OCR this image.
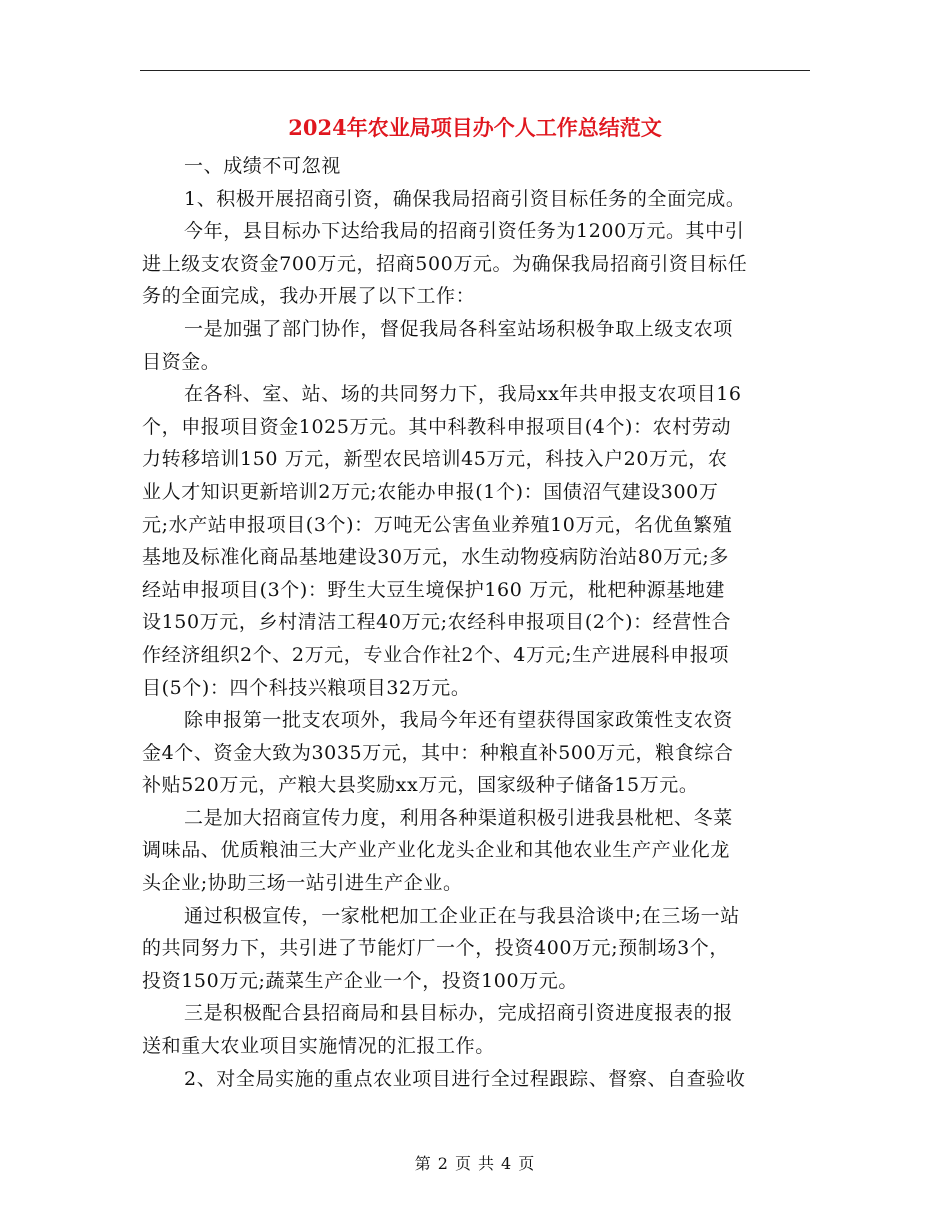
2024年农业局项目办个人工作总结范文
一、成绩不可忽视
1、积极开展招商引资，确保我局招商引资目标任务的全面完成。
今年，县目标办下达给我局的招商引资任务为1200万元。其中引
进上级支农资金700万元，招商500万元。为确保我局招商引资目标任
务的全面完成，我办开展了以下工作：
一是加强了部门协作，督促我局各科室站场积极争取上级支农项
目资金。
在各科、室、站、场的共同努力下，我局xx年共申报支农项目16
个，申报项目资金1025万元。其中科教科申报项目(4个)：农村劳动
力转移培训150 万元，新型农民培训45万元，科技入户20万元，农
业人才知识更新培训2万元;农能办申报(1个)：国债沼气建设300万
元;水产站申报项目(3个)：万吨无公害鱼业养殖10万元，名优鱼繁殖
基地及标准化商品基地建设30万元，水生动物疫病防治站80万元;多
经站申报项目(3个)：野生大豆生境保护160 万元，枇杷种源基地建
设150万元，乡村清洁工程40万元;农经科申报项目(2个)：经营性合
作经济组织2个、2万元，专业合作社2个、4万元;生产进展科申报项
目(5个)：四个科技兴粮项目32万元。
除申报第一批支农项外，我局今年还有望获得国家政策性支农资
金4个、资金大致为3035万元，其中：种粮直补500万元，粮食综合
补贴520万元，产粮大县奖励xx万元，国家级种子储备15万元。
二是加大招商宣传力度，利用各种渠道积极引进我县枇杷、冬菜
调味品、优质粮油三大产业产业化龙头企业和其他农业生产产业化龙
头企业;协助三场一站引进生产企业。
通过积极宣传，一家枇杷加工企业正在与我县洽谈中;在三场一站
的共同努力下，共引进了节能灯厂一个，投资400万元;预制场3个，
投资150万元;蔬菜生产企业一个，投资100万元。
三是积极配合县招商局和县目标办，完成招商引资进度报表的报
送和重大农业项目实施情况的汇报工作。
2、对全局实施的重点农业项目进行全过程跟踪、督察、自查验收
第 2 页 共 4 页
